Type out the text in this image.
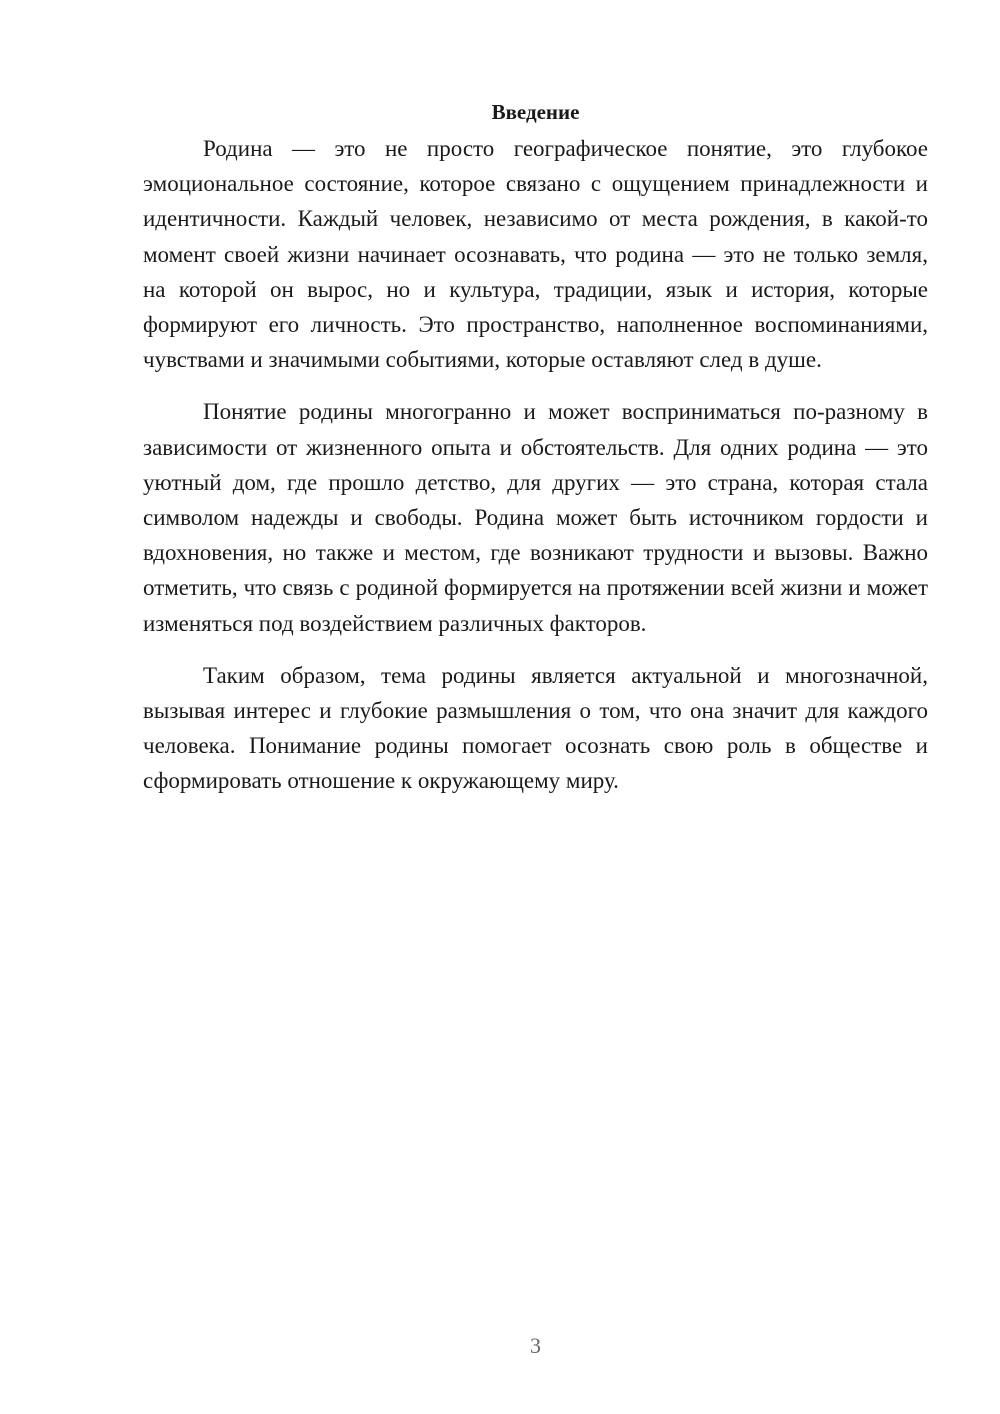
Введение

Родина — это не просто географическое понятие, это глубокое эмоциональное состояние, которое связано с ощущением принадлежности и идентичности. Каждый человек, независимо от места рождения, в какой-то момент своей жизни начинает осознавать, что родина — это не только земля, на которой он вырос, но и культура, традиции, язык и история, которые формируют его личность. Это пространство, наполненное воспоминаниями, чувствами и значимыми событиями, которые оставляют след в душе.

Понятие родины многогранно и может восприниматься по-разному в зависимости от жизненного опыта и обстоятельств. Для одних родина — это уютный дом, где прошло детство, для других — это страна, которая стала символом надежды и свободы. Родина может быть источником гордости и вдохновения, но также и местом, где возникают трудности и вызовы. Важно отметить, что связь с родиной формируется на протяжении всей жизни и может изменяться под воздействием различных факторов.

Таким образом, тема родины является актуальной и многозначной, вызывая интерес и глубокие размышления о том, что она значит для каждого человека. Понимание родины помогает осознать свою роль в обществе и сформировать отношение к окружающему миру.

3
